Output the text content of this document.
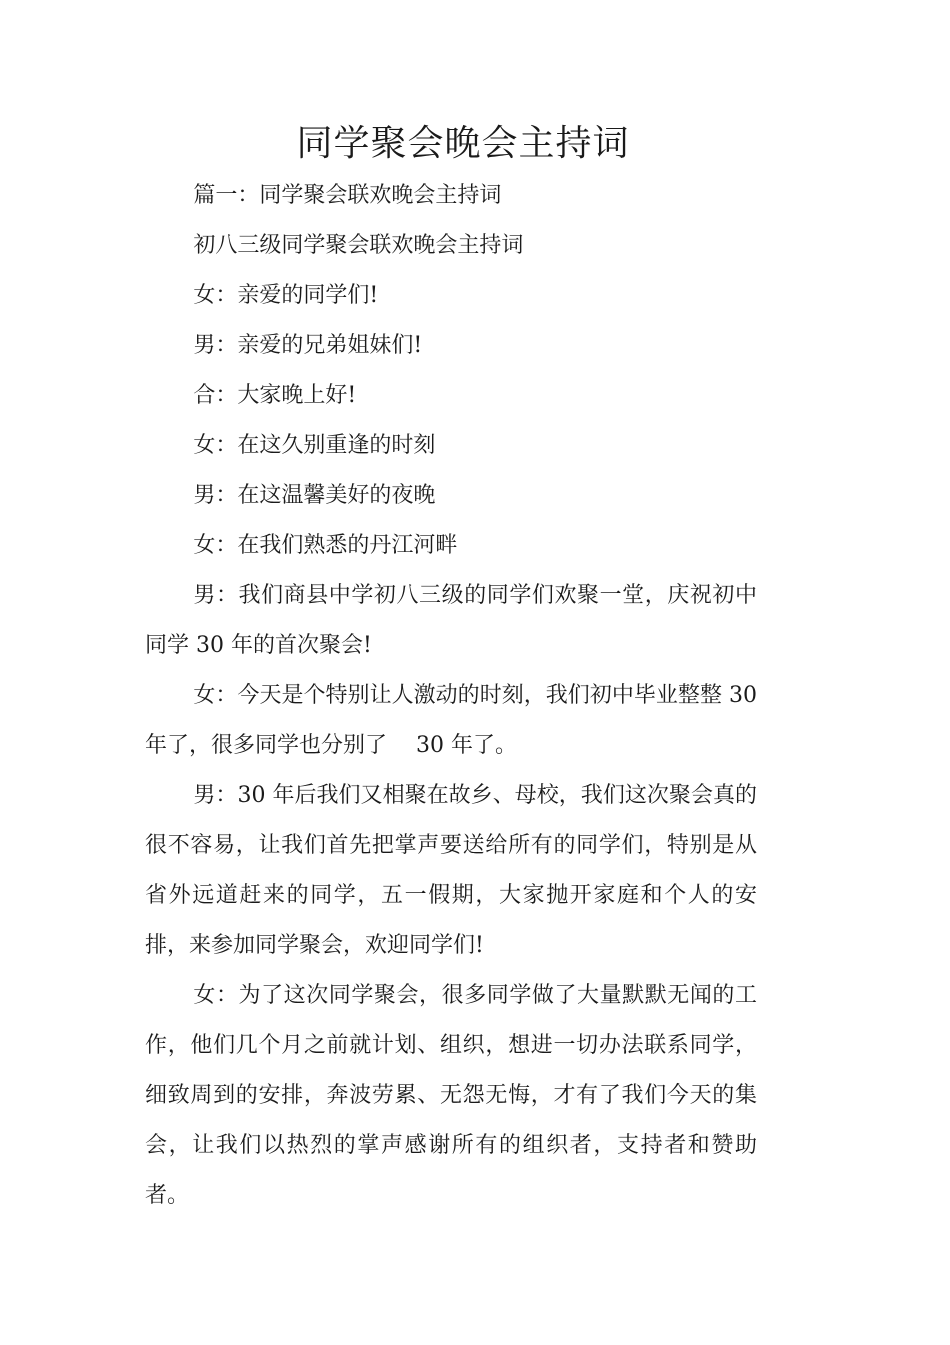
同学聚会晚会主持词

篇一：同学聚会联欢晚会主持词

初八三级同学聚会联欢晚会主持词

女：亲爱的同学们!

男：亲爱的兄弟姐妹们!

合：大家晚上好!

女：在这久别重逢的时刻

男：在这温馨美好的夜晚

女：在我们熟悉的丹江河畔

男：我们商县中学初八三级的同学们欢聚一堂，庆祝初中同学 30 年的首次聚会!

女：今天是个特别让人激动的时刻，我们初中毕业整整 30 年了，很多同学也分别了　 30 年了。

男：30 年后我们又相聚在故乡、母校，我们这次聚会真的很不容易，让我们首先把掌声要送给所有的同学们，特别是从省外远道赶来的同学，五一假期，大家抛开家庭和个人的安排，来参加同学聚会，欢迎同学们!

女：为了这次同学聚会，很多同学做了大量默默无闻的工作，他们几个月之前就计划、组织，想进一切办法联系同学，细致周到的安排，奔波劳累、无怨无悔，才有了我们今天的集会，让我们以热烈的掌声感谢所有的组织者，支持者和赞助者。
